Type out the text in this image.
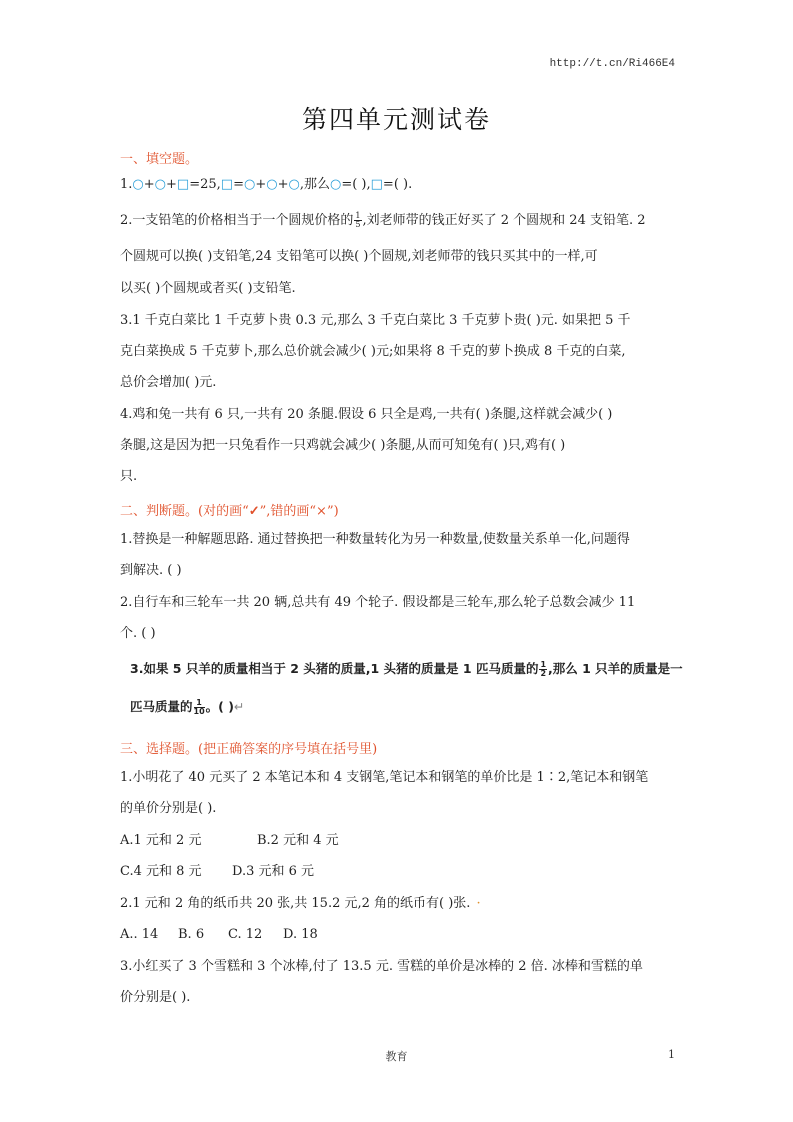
http://t.cn/Ri466E4
第四单元测试卷
一、填空题。
1.○+○+□=25,□=○+○+○,那么○=( ),□=( ).
2.一支铅笔的价格相当于一个圆规价格的 $\frac{1}{5}$ ,刘老师带的钱正好买了 2 个圆规和 24 支铅笔. 2
个圆规可以换( )支铅笔,24 支铅笔可以换( )个圆规,刘老师带的钱只买其中的一样,可
以买( )个圆规或者买( )支铅笔.
3.1 千克白菜比 1 千克萝卜贵 0.3 元,那么 3 千克白菜比 3 千克萝卜贵( )元. 如果把 5 千
克白菜换成 5 千克萝卜,那么总价就会减少( )元;如果将 8 千克的萝卜换成 8 千克的白菜,
总价会增加( )元.
4.鸡和兔一共有 6 只,一共有 20 条腿.假设 6 只全是鸡,一共有( )条腿,这样就会减少( )
条腿,这是因为把一只兔看作一只鸡就会减少( )条腿,从而可知兔有( )只,鸡有( )
只.
二、判断题。(对的画“✓”,错的画“×”)
1.替换是一种解题思路. 通过替换把一种数量转化为另一种数量,使数量关系单一化,问题得
到解决. ( )
2.自行车和三轮车一共 20 辆,总共有 49 个轮子. 假设都是三轮车,那么轮子总数会减少 11
个. ( )
3.如果 5 只羊的质量相当于 2 头猪的质量,1 头猪的质量是 1 匹马质量的 $\frac{1}{2}$ ,那么 1 只羊的质量是一
匹马质量的 $\frac{1}{10}$ 。( )↵
三、选择题。(把正确答案的序号填在括号里)
1.小明花了 40 元买了 2 本笔记本和 4 支钢笔,笔记本和钢笔的单价比是 1∶2,笔记本和钢笔
的单价分别是( ).
A.1 元和 2 元	B.2 元和 4 元
C.4 元和 8 元 D.3 元和 6 元
2.1 元和 2 角的纸币共 20 张,共 15.2 元,2 角的纸币有( )张. ·
A.. 14 B. 6 C. 12 D. 18
3.小红买了 3 个雪糕和 3 个冰棒,付了 13.5 元. 雪糕的单价是冰棒的 2 倍. 冰棒和雪糕的单
价分别是( ).
教育	1
